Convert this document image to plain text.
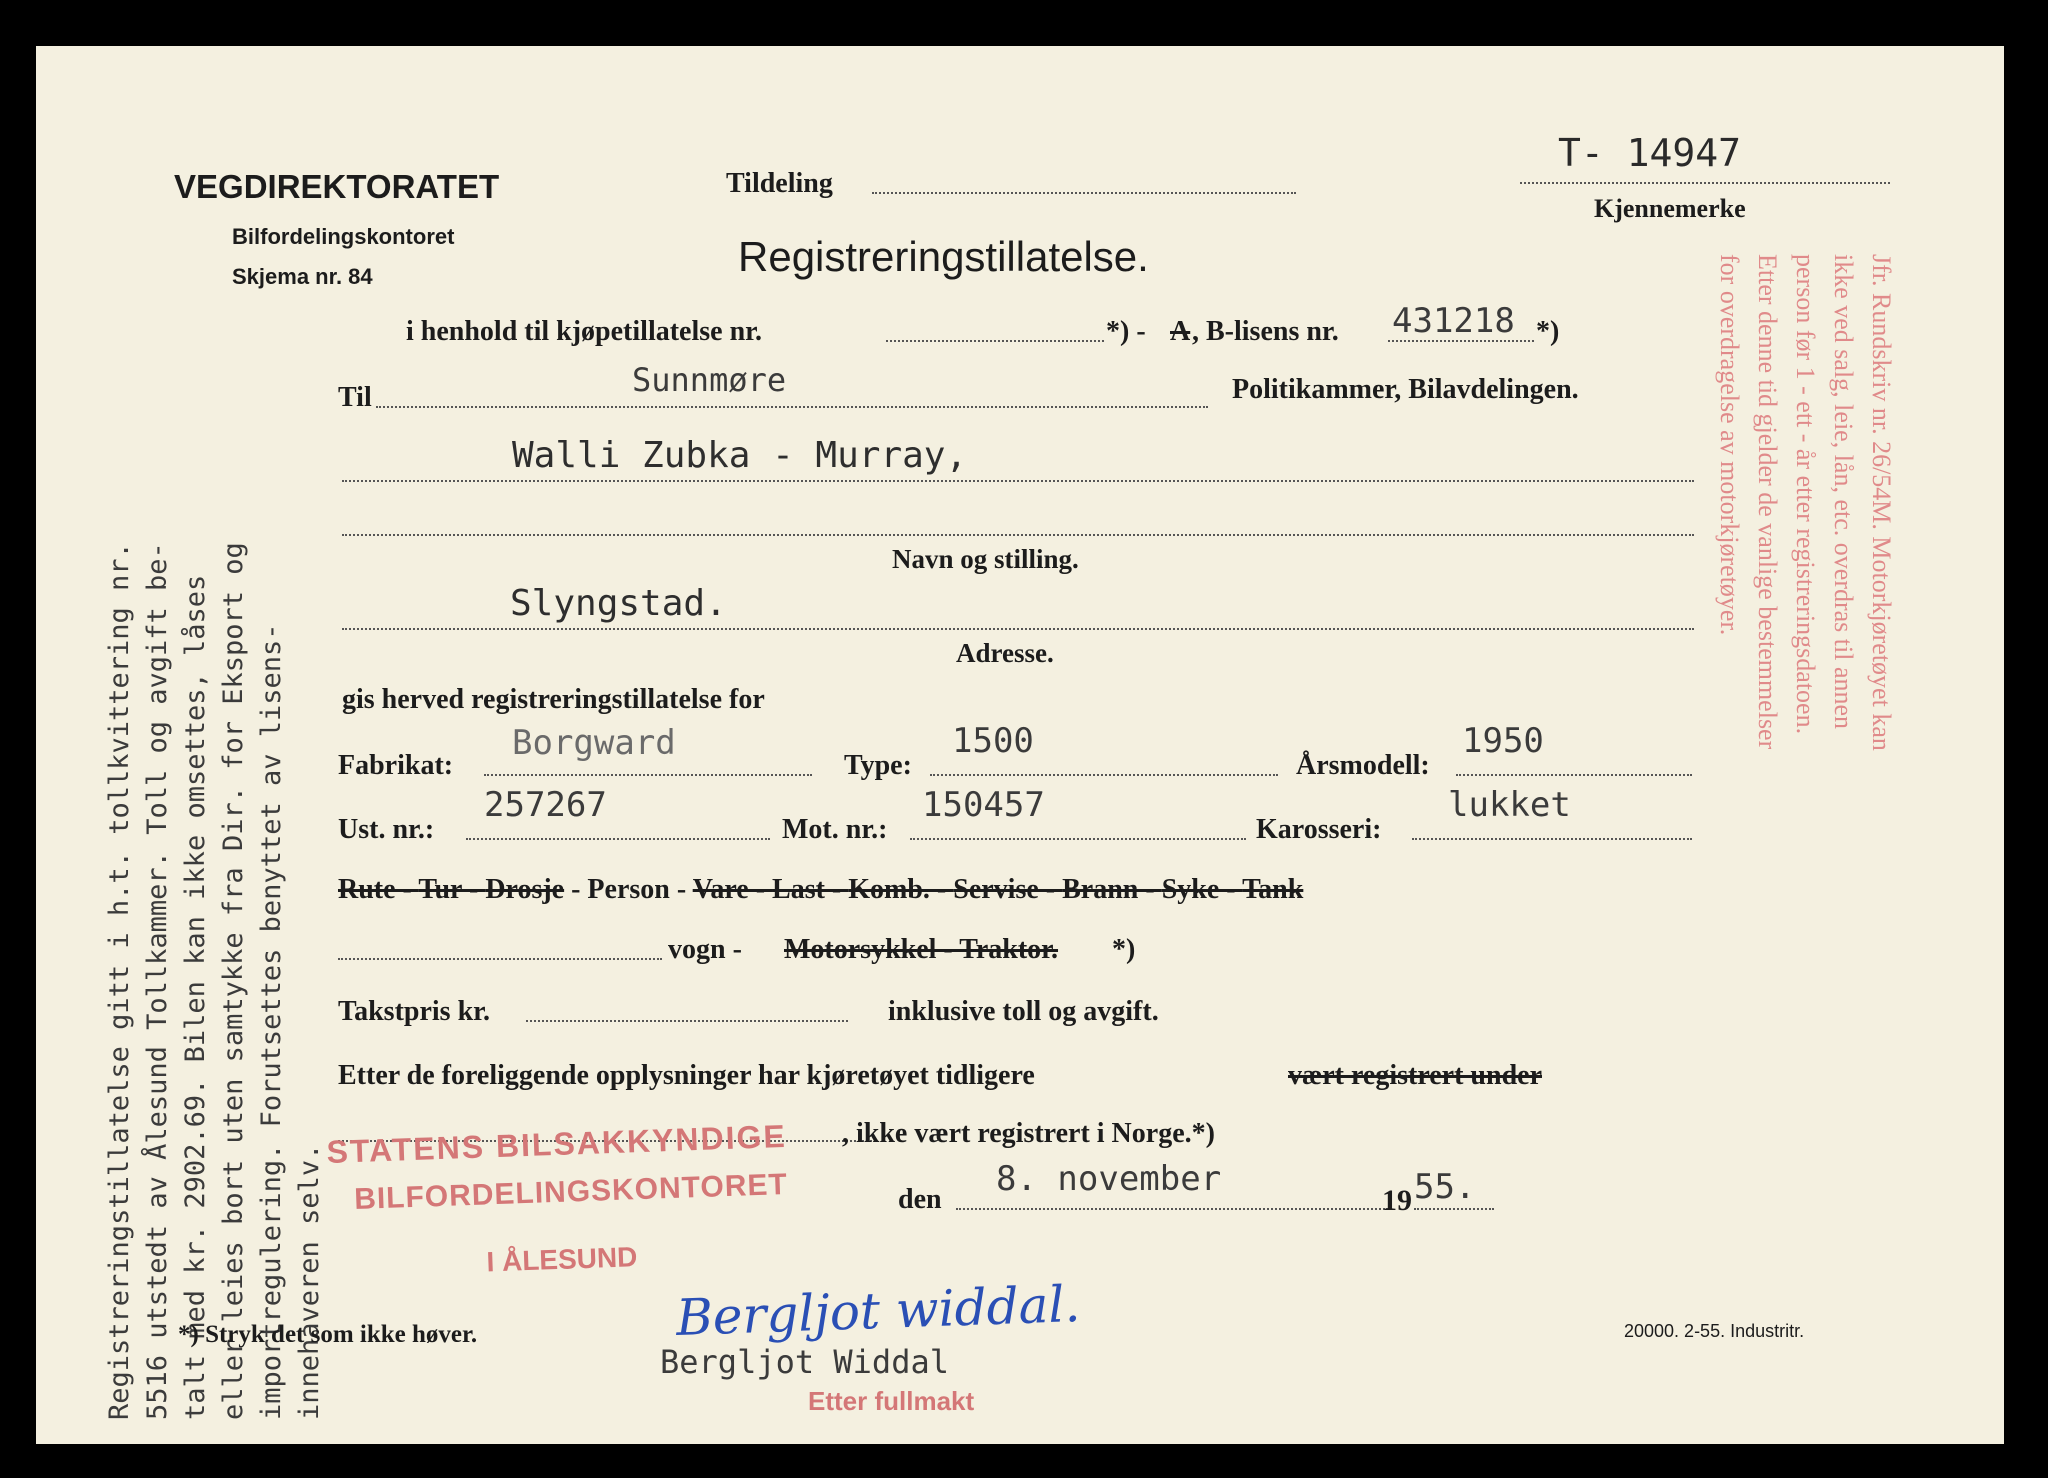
Registreringstillatelse gitt i h.t. tollkvittering nr. 5516 utstedt av Ålesund Tollkammer. Toll og avgift be- talt med kr. 2902.69. Bilen kan ikke omsettes, låses eller leies bort uten samtykke fra Dir. for Eksport og importregulering. Forutsettes benyttet av lisens- innehaveren selv.
Jfr. Rundskriv nr. 26/54M. Motorkjøretøyet kan
ikke ved salg, leie, lån, etc. overdras til annen
person før 1 - ett - år etter registreringsdatoen.
Etter denne tid gjelder de vanlige bestemmelser
for overdragelse av motorkjøretøyer.
VEGDIREKTORATET
Bilfordelingskontoret
Skjema nr. 84
Tildeling
T- 14947
Kjennemerke
Registreringstillatelse.
i henhold til kjøpetillatelse nr.	*) - A , B-lisens nr. 431218 *)
Til	Sunnmøre	Politikammer, Bilavdelingen.
Walli Zubka - Murray,
Navn og stilling.
Slyngstad.
Adresse.
gis herved registreringstillatelse for
Fabrikat:
Borgward
Type:
1500
Årsmodell:
1950
Ust. nr.:
257267
Mot. nr.:
150457
Karosseri:
lukket
Rute - Tur - Drosje - Person - Vare - Last - Komb. - Servise - Brann - Syke - Tank
vogn - Motorsykkel - Traktor. *)
Takstpris kr.	inklusive toll og avgift.
Etter de foreliggende opplysninger har kjøretøyet tidligere	vært registrert under
, ikke vært registrert i Norge.*)
STATENS BILSAKKYNDIGE
BILFORDELINGSKONTORET
I ÅLESUND
den
8. november
19 55.
*) Stryk det som ikke høver.	Bergljot widdal.
Bergljot Widdal
Etter fullmakt
20000. 2-55. Industritr.
